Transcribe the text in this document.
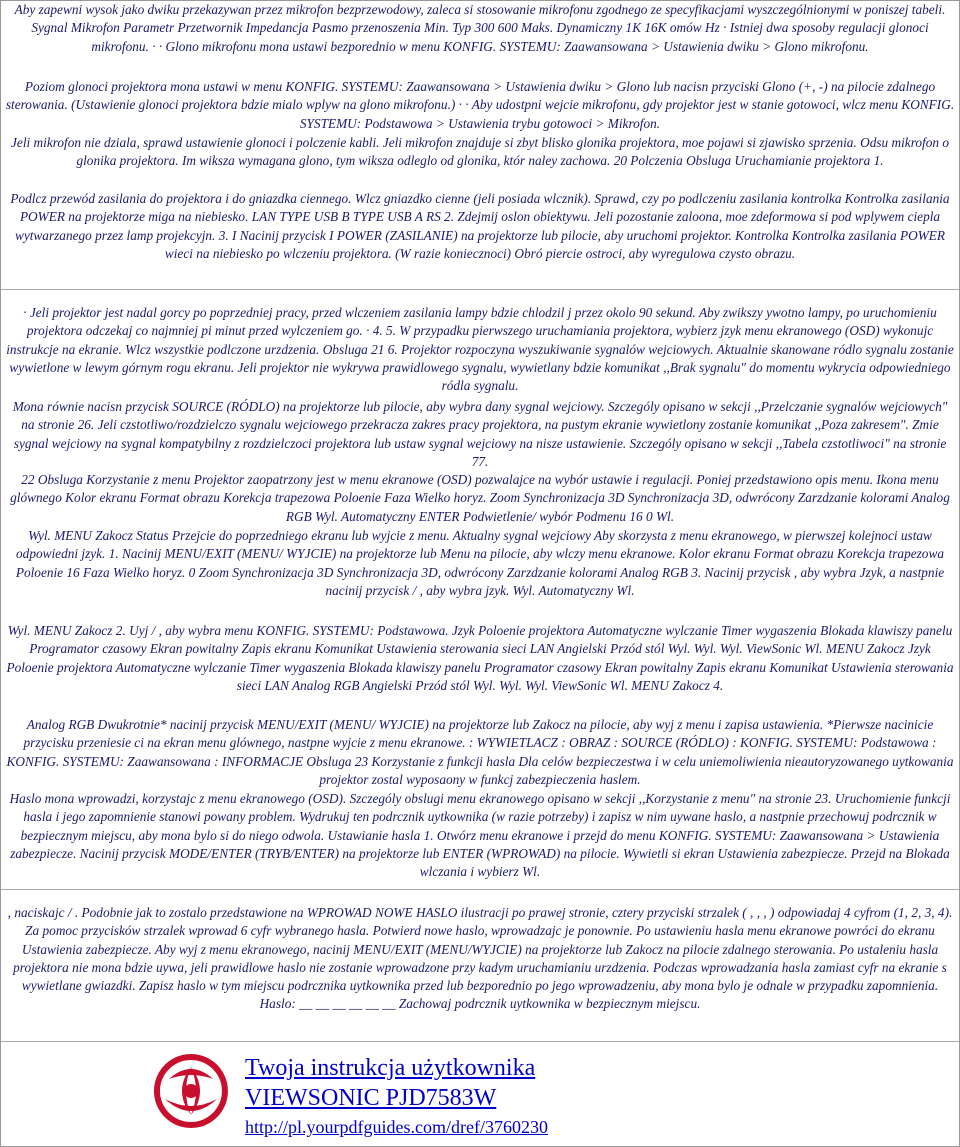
Aby zapewni wysok jako dwiku przekazywan przez mikrofon bezprzewodowy, zaleca si stosowanie mikrofonu zgodnego ze specyfikacjami wyszczególnionymi w poniszej tabeli. Sygnal Mikrofon Parametr Przetwornik Impedancja Pasmo przenoszenia Min. Typ 300 600 Maks. Dynamiczny 1K 16K omów Hz · Istniej dwa sposoby regulacji glonoci mikrofonu. · · Glono mikrofonu mona ustawi bezporednio w menu KONFIG. SYSTEMU: Zaawansowana > Ustawienia dwiku > Glono mikrofonu.

Poziom glonoci projektora mona ustawi w menu KONFIG. SYSTEMU: Zaawansowana > Ustawienia dwiku > Glono lub nacisn przyciski Glono (+, -) na pilocie zdalnego sterowania. (Ustawienie glonoci projektora bdzie mialo wplyw na glono mikrofonu.) · · Aby udostpni wejcie mikrofonu, gdy projektor jest w stanie gotowoci, wlcz menu KONFIG. SYSTEMU: Podstawowa > Ustawienia trybu gotowoci > Mikrofon.

Jeli mikrofon nie dziala, sprawd ustawienie glonoci i polczenie kabli. Jeli mikrofon znajduje si zbyt blisko glonika projektora, moe pojawi si zjawisko sprzenia. Odsu mikrofon o glonika projektora. Im wiksza wymagana glono, tym wiksza odleglo od glonika, któr naley zachowa. 20 Polczenia Obsluga Uruchamianie projektora 1.

Podlcz przewód zasilania do projektora i do gniazdka ciennego. Wlcz gniazdko cienne (jeli posiada wlcznik). Sprawd, czy po podlczeniu zasilania kontrolka Kontrolka zasilania POWER na projektorze miga na niebiesko. LAN TYPE USB B TYPE USB A RS 2. Zdejmij oslon obiektywu. Jeli pozostanie zaloona, moe zdeformowa si pod wplywem ciepla wytwarzanego przez lamp projekcyjn. 3. I Nacinij przycisk I POWER (ZASILANIE) na projektorze lub pilocie, aby uruchomi projektor. Kontrolka Kontrolka zasilania POWER wieci na niebiesko po wlczeniu projektora. (W razie koniecznoci) Obró piercie ostroci, aby wyregulowa czysto obrazu.

· Jeli projektor jest nadal gorcy po poprzedniej pracy, przed wlczeniem zasilania lampy bdzie chlodzil j przez okolo 90 sekund. Aby zwikszy ywotno lampy, po uruchomieniu projektora odczekaj co najmniej pi minut przed wylczeniem go. · 4. 5. W przypadku pierwszego uruchamiania projektora, wybierz jzyk menu ekranowego (OSD) wykonujc instrukcje na ekranie. Wlcz wszystkie podlczone urzdzenia. Obsluga 21 6. Projektor rozpoczyna wyszukiwanie sygnalów wejciowych. Aktualnie skanowane ródlo sygnalu zostanie wywietlone w lewym górnym rogu ekranu. Jeli projektor nie wykrywa prawidlowego sygnalu, wywietlany bdzie komunikat ,,Brak sygnalu" do momentu wykrycia odpowiedniego ródla sygnalu.

Mona równie nacisn przycisk SOURCE (RÓDLO) na projektorze lub pilocie, aby wybra dany sygnal wejciowy. Szczególy opisano w sekcji ,,Przelczanie sygnalów wejciowych" na stronie 26. Jeli czstotliwo/rozdzielczo sygnalu wejciowego przekracza zakres pracy projektora, na pustym ekranie wywietlony zostanie komunikat ,,Poza zakresem". Zmie sygnal wejciowy na sygnal kompatybilny z rozdzielczoci projektora lub ustaw sygnal wejciowy na nisze ustawienie. Szczególy opisano w sekcji ,,Tabela czstotliwoci" na stronie 77.

22 Obsluga Korzystanie z menu Projektor zaopatrzony jest w menu ekranowe (OSD) pozwalajce na wybór ustawie i regulacji. Poniej przedstawiono opis menu. Ikona menu glównego Kolor ekranu Format obrazu Korekcja trapezowa Poloenie Faza Wielko horyz. Zoom Synchronizacja 3D Synchronizacja 3D, odwrócony Zarzdzanie kolorami Analog RGB Wyl. Automatyczny ENTER Podwietlenie/ wybór Podmenu 16 0 Wl.

Wyl. MENU Zakocz Status Przejcie do poprzedniego ekranu lub wyjcie z menu. Aktualny sygnal wejciowy Aby skorzysta z menu ekranowego, w pierwszej kolejnoci ustaw odpowiedni jzyk. 1. Nacinij MENU/EXIT (MENU/ WYJCIE) na projektorze lub Menu na pilocie, aby wlczy menu ekranowe. Kolor ekranu Format obrazu Korekcja trapezowa Poloenie 16 Faza Wielko horyz. 0 Zoom Synchronizacja 3D Synchronizacja 3D, odwrócony Zarzdzanie kolorami Analog RGB 3. Nacinij przycisk , aby wybra Jzyk, a nastpnie nacinij przycisk / , aby wybra jzyk. Wyl. Automatyczny Wl.

Wyl. MENU Zakocz 2. Uyj / , aby wybra menu KONFIG. SYSTEMU: Podstawowa. Jzyk Poloenie projektora Automatyczne wylczanie Timer wygaszenia Blokada klawiszy panelu Programator czasowy Ekran powitalny Zapis ekranu Komunikat Ustawienia sterowania sieci LAN Angielski Przód stól Wyl. Wyl. Wyl. ViewSonic Wl. MENU Zakocz Jzyk Poloenie projektora Automatyczne wylczanie Timer wygaszenia Blokada klawiszy panelu Programator czasowy Ekran powitalny Zapis ekranu Komunikat Ustawienia sterowania sieci LAN Analog RGB Angielski Przód stól Wyl. Wyl. Wyl. ViewSonic Wl. MENU Zakocz 4.

Analog RGB Dwukrotnie* nacinij przycisk MENU/EXIT (MENU/ WYJCIE) na projektorze lub Zakocz na pilocie, aby wyj z menu i zapisa ustawienia. *Pierwsze nacinicie przycisku przeniesie ci na ekran menu glównego, nastpne wyjcie z menu ekranowe. : WYWIETLACZ : OBRAZ : SOURCE (RÓDLO) : KONFIG. SYSTEMU: Podstawowa : KONFIG. SYSTEMU: Zaawansowana : INFORMACJE Obsluga 23 Korzystanie z funkcji hasla Dla celów bezpieczestwa i w celu uniemoliwienia nieautoryzowanego uytkowania projektor zostal wyposaony w funkcj zabezpieczenia haslem.

Haslo mona wprowadzi, korzystajc z menu ekranowego (OSD). Szczególy obslugi menu ekranowego opisano w sekcji ,,Korzystanie z menu" na stronie 23. Uruchomienie funkcji hasla i jego zapomnienie stanowi powany problem. Wydrukuj ten podrcznik uytkownika (w razie potrzeby) i zapisz w nim uywane haslo, a nastpnie przechowuj podrcznik w bezpiecznym miejscu, aby mona bylo si do niego odwola. Ustawianie hasla 1. Otwórz menu ekranowe i przejd do menu KONFIG. SYSTEMU: Zaawansowana > Ustawienia zabezpiecze. Nacinij przycisk MODE/ENTER (TRYB/ENTER) na projektorze lub ENTER (WPROWAD) na pilocie. Wywietli si ekran Ustawienia zabezpiecze. Przejd na Blokada wlczania i wybierz Wl.

, naciskajc / . Podobnie jak to zostalo przedstawione na WPROWAD NOWE HASLO ilustracji po prawej stronie, cztery przyciski strzalek ( , , , ) odpowiadaj 4 cyfrom (1, 2, 3, 4). Za pomoc przycisków strzalek wprowad 6 cyfr wybranego hasla. Potwierd nowe haslo, wprowadzajc je ponownie. Po ustawieniu hasla menu ekranowe powróci do ekranu Ustawienia zabezpiecze. Aby wyj z menu ekranowego, nacinij MENU/EXIT (MENU/WYJCIE) na projektorze lub Zakocz na pilocie zdalnego sterowania. Po ustaleniu hasla projektora nie mona bdzie uywa, jeli prawidlowe haslo nie zostanie wprowadzone przy kadym uruchamianiu urzdzenia. Podczas wprowadzania hasla zamiast cyfr na ekranie s wywietlane gwiazdki. Zapisz haslo w tym miejscu podrcznika uytkownika przed lub bezporednio po jego wprowadzeniu, aby mona bylo je odnale w przypadku zapomnienia. Haslo: __ __ __ __ __ __ Zachowaj podrcznik uytkownika w bezpiecznym miejscu.

Twoja instrukcja użytkownika
VIEWSONIC PJD7583W
http://pl.yourpdfguides.com/dref/3760230
